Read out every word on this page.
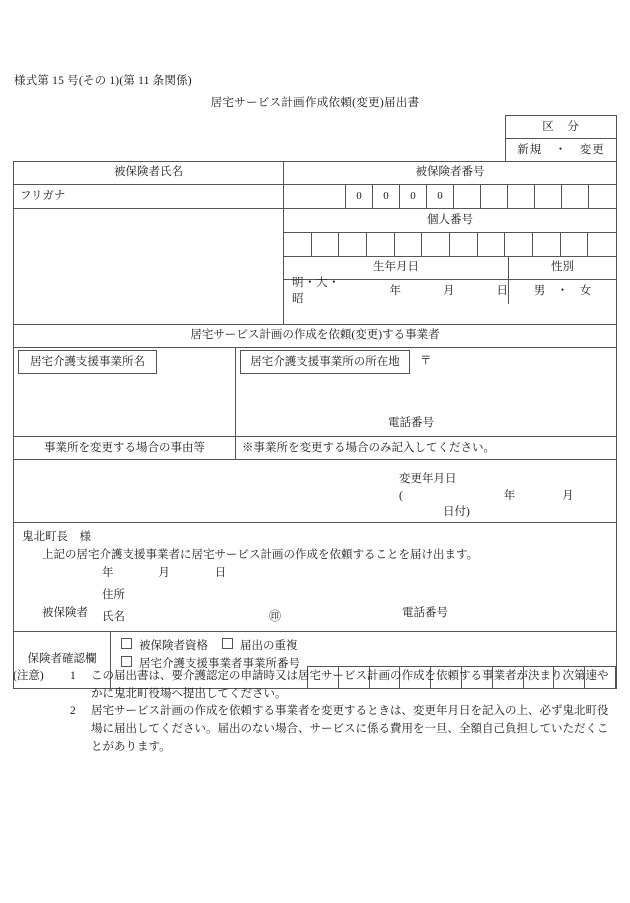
様式第 15 号(その 1)(第 11 条関係)
居宅サービス計画作成依頼(変更)届出書
区　分
新規　・　変更
被保険者氏名	被保険者番号
フリガナ	0	0	0	0
個人番号
生年月日	性別
明・大・昭
年	月	日	男　・　女
居宅サービス計画の作成を依頼(変更)する事業者
居宅介護支援事業所名	居宅介護支援事業所の所在地	〒
電話番号
事業所を変更する場合の事由等	※事業所を変更する場合のみ記入してください。
変更年月日
(	年	月 日付)
鬼北町長　様
上記の居宅介護支援事業者に居宅サービス計画の作成を依頼することを届け出ます。
年	月	日
住所
被保険者 氏名	㊞	電話番号
保険者確認欄
被保険者資格	届出の重複
居宅介護支援事業者事業所番号
(注意) 1 この届出書は、要介護認定の申請時又は居宅サービス計画の作成を依頼する事業者が決まり次第速やかに鬼北町役場へ提出してください。
2 居宅サービス計画の作成を依頼する事業者を変更するときは、変更年月日を記入の上、必ず鬼北町役場に届出してください。届出のない場合、サービスに係る費用を一旦、全額自己負担していただくことがあります。
